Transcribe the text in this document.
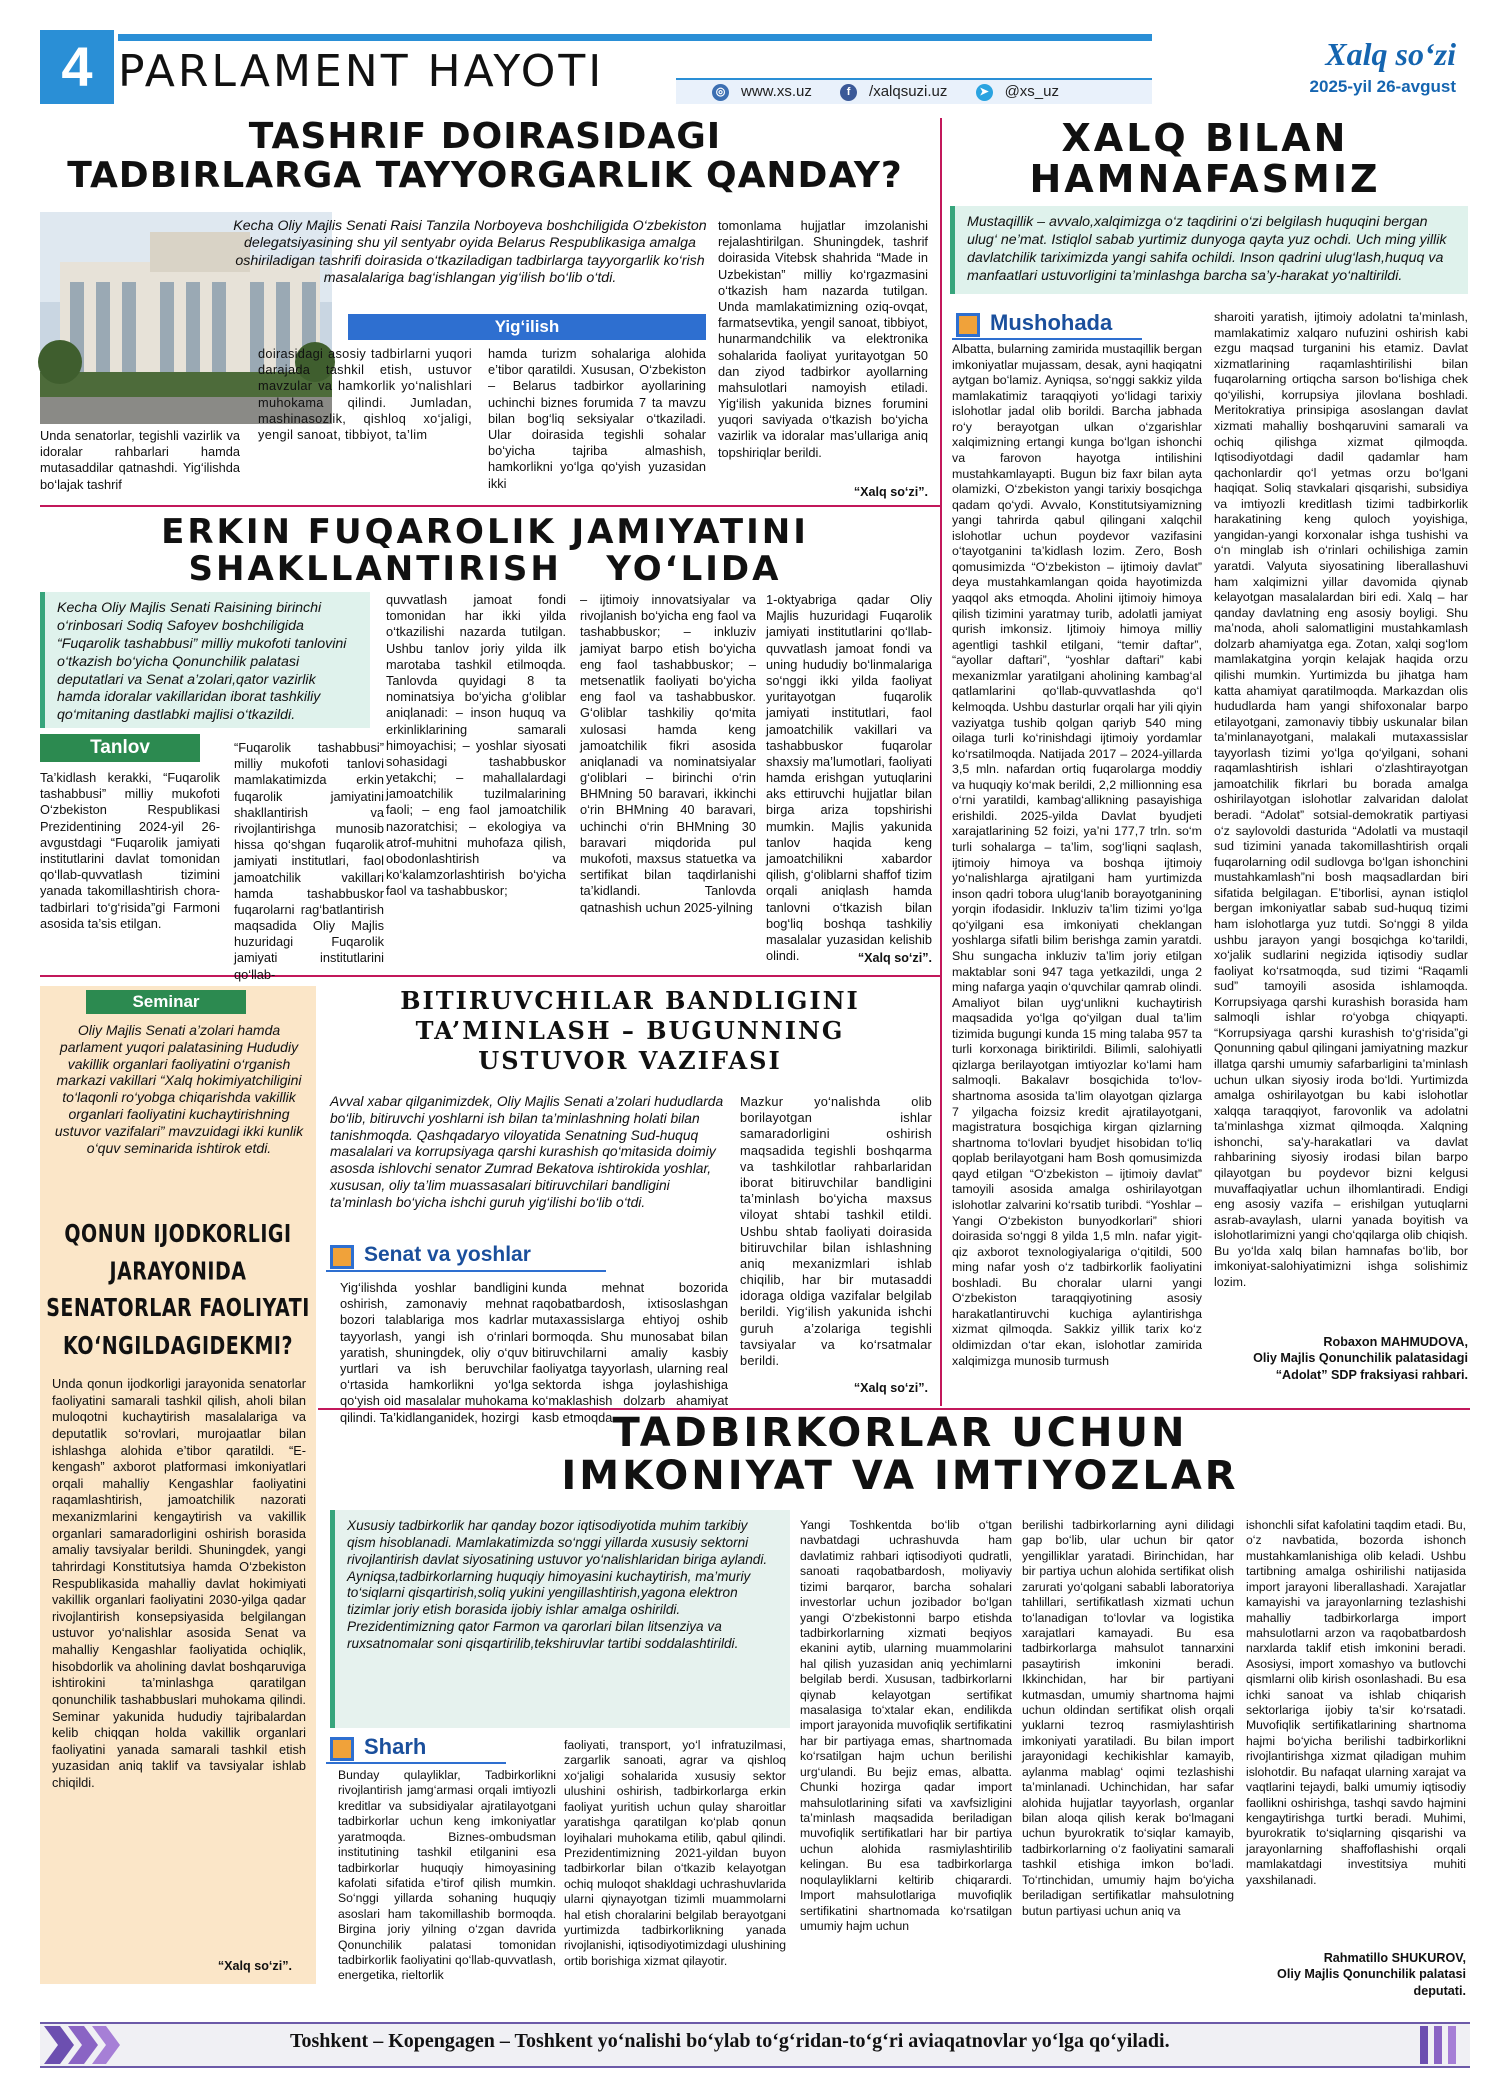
4 PARLAMENT HAYOTI	◎ www.xs.uz	f /xalqsuzi.uz	➤ @xs_uz
Xalq so‘zi
2025-yil 26-avgust
TASHRIF DOIRASIDAGI
TADBIRLARGA TAYYORGARLIK QANDAY?
Kecha Oliy Majlis Senati Raisi Tanzila Norboyeva boshchiligida O‘zbekiston delegatsiyasining shu yil sentyabr oyida Belarus Respublikasiga amalga oshiriladigan tashrifi doirasida o‘tkaziladigan tadbirlarga tayyorgarlik ko‘rish masalalariga bag‘ishlangan yig‘ilish bo‘lib o‘tdi.
Yig‘ilish
Unda senatorlar, tegishli vazirlik va idoralar rahbarlari hamda mutasaddilar qatnashdi. Yig‘ilishda bo‘lajak tashrif
doirasidagi asosiy tadbirlarni yuqori darajada tashkil etish, ustuvor mavzular va hamkorlik yo‘nalishlari muhokama qilindi. Jumladan, mashinasozlik, qishloq xo‘jaligi, yengil sanoat, tibbiyot, ta’lim
hamda turizm sohalariga alohida e’tibor qaratildi. Xususan, O‘zbekiston – Belarus tadbirkor ayollarining uchinchi biznes forumida 7 ta mavzu bilan bog‘liq seksiyalar o‘tkaziladi. Ular doirasida tegishli sohalar bo‘yicha tajriba almashish, hamkorlikni yo‘lga qo‘yish yuzasidan ikki
tomonlama hujjatlar imzolanishi rejalashtirilgan. Shuningdek, tashrif doirasida Vitebsk shahrida “Made in Uzbekistan” milliy ko‘rgazmasini o‘tkazish ham nazarda tutilgan. Unda mamlakatimizning oziq-ovqat, farmatsevtika, yengil sanoat, tibbiyot, hunarmandchilik va elektronika sohalarida faoliyat yuritayotgan 50 dan ziyod tadbirkor ayollarning mahsulotlari namoyish etiladi. Yig‘ilish yakunida biznes forumini yuqori saviyada o‘tkazish bo‘yicha vazirlik va idoralar mas’ullariga aniq topshiriqlar berildi.
“Xalq so‘zi”.
XALQ BILAN
HAMNAFASMIZ
Mustaqillik – avvalo,xalqimizga o‘z taqdirini o‘zi belgilash huquqini bergan ulug‘ ne’mat. Istiqlol sabab yurtimiz dunyoga qayta yuz ochdi. Uch ming yillik davlatchilik tariximizda yangi sahifa ochildi. Inson qadrini ulug‘lash,huquq va manfaatlari ustuvorligini ta’minlashga barcha sa’y-harakat yo‘naltirildi.
Mushohada
Albatta, bularning zamirida mustaqillik bergan imkoniyatlar mujassam, desak, ayni haqiqatni aytgan bo‘lamiz. Ayniqsa, so‘nggi sakkiz yilda mamlakatimiz taraqqiyoti yo‘lidagi tarixiy islohotlar jadal olib borildi. Barcha jabhada ro‘y berayotgan ulkan o‘zgarishlar xalqimizning ertangi kunga bo‘lgan ishonchi va farovon hayotga intilishini mustahkamlayapti. Bugun biz faxr bilan ayta olamizki, O‘zbekiston yangi tarixiy bosqichga qadam qo‘ydi. Avvalo, Konstitutsiyamizning yangi tahrirda qabul qilingani xalqchil islohotlar uchun poydevor vazifasini o‘tayotganini ta’kidlash lozim. Zero, Bosh qomusimizda “O‘zbekiston – ijtimoiy davlat” deya mustahkamlangan qoida hayotimizda yaqqol aks etmoqda. Aholini ijtimoiy himoya qilish tizimini yaratmay turib, adolatli jamiyat qurish imkonsiz. Ijtimoiy himoya milliy agentligi tashkil etilgani, “temir daftar”, “ayollar daftari”, “yoshlar daftari” kabi mexanizmlar yaratilgani aholining kambag‘al qatlamlarini qo‘llab-quvvatlashda qo‘l kelmoqda. Ushbu dasturlar orqali har yili qiyin vaziyatga tushib qolgan qariyb 540 ming oilaga turli ko‘rinishdagi ijtimoiy yordamlar ko‘rsatilmoqda. Natijada 2017 – 2024-yillarda 3,5 mln. nafardan ortiq fuqarolarga moddiy va huquqiy ko‘mak berildi, 2,2 millionning esa o‘rni yaratildi, kambag‘allikning pasayishiga erishildi. 2025-yilda Davlat byudjeti xarajatlarining 52 foizi, ya’ni 177,7 trln. so‘m turli sohalarga – ta’lim, sog‘liqni saqlash, ijtimoiy himoya va boshqa ijtimoiy yo‘nalishlarga ajratilgani ham yurtimizda inson qadri tobora ulug‘lanib borayotganining yorqin ifodasidir. Inkluziv ta’lim tizimi yo‘lga qo‘yilgani esa imkoniyati cheklangan yoshlarga sifatli bilim berishga zamin yaratdi. Shu sungacha inkluziv ta’lim joriy etilgan maktablar soni 947 taga yetkazildi, unga 2 ming nafarga yaqin o‘quvchilar qamrab olindi. Amaliyot bilan uyg‘unlikni kuchaytirish maqsadida yo‘lga qo‘yilgan dual ta’lim tizimida bugungi kunda 15 ming talaba 957 ta turli korxonaga biriktirildi. Bilimli, salohiyatli qizlarga berilayotgan imtiyozlar ko‘lami ham salmoqli. Bakalavr bosqichida to‘lov-shartnoma asosida ta’lim olayotgan qizlarga 7 yilgacha foizsiz kredit ajratilayotgani, magistratura bosqichiga kirgan qizlarning shartnoma to‘lovlari byudjet hisobidan to‘liq qoplab berilayotgani ham Bosh qomusimizda qayd etilgan “O‘zbekiston – ijtimoiy davlat” tamoyili asosida amalga oshirilayotgan islohotlar zalvarini ko‘rsatib turibdi. “Yoshlar – Yangi O‘zbekiston bunyodkorlari” shiori doirasida so‘nggi 8 yilda 1,5 mln. nafar yigit-qiz axborot texnologiyalariga o‘qitildi, 500 ming nafar yosh o‘z tadbirkorlik faoliyatini boshladi. Bu choralar ularni yangi O‘zbekiston taraqqiyotining asosiy harakatlantiruvchi kuchiga aylantirishga xizmat qilmoqda. Sakkiz yillik tarix ko‘z oldimizdan o‘tar ekan, islohotlar zamirida xalqimizga munosib turmush
sharoiti yaratish, ijtimoiy adolatni ta’minlash, mamlakatimiz xalqaro nufuzini oshirish kabi ezgu maqsad turganini his etamiz. Davlat xizmatlarining raqamlashtirilishi bilan fuqarolarning ortiqcha sarson bo‘lishiga chek qo‘yilishi, korrupsiya jilovlana boshladi. Meritokratiya prinsipiga asoslangan davlat xizmati mahalliy boshqaruvini samarali va ochiq qilishga xizmat qilmoqda. Iqtisodiyotdagi dadil qadamlar ham qachonlardir qo‘l yetmas orzu bo‘lgani haqiqat. Soliq stavkalari qisqarishi, subsidiya va imtiyozli kreditlash tizimi tadbirkorlik harakatining keng quloch yoyishiga, yangidan-yangi korxonalar ishga tushishi va o‘n minglab ish o‘rinlari ochilishiga zamin yaratdi. Valyuta siyosatining liberallashuvi ham xalqimizni yillar davomida qiynab kelayotgan masalalardan biri edi. Xalq – har qanday davlatning eng asosiy boyligi. Shu ma’noda, aholi salomatligini mustahkamlash dolzarb ahamiyatga ega. Zotan, xalqi sog‘lom mamlakatgina yorqin kelajak haqida orzu qilishi mumkin. Yurtimizda bu jihatga ham katta ahamiyat qaratilmoqda. Markazdan olis hududlarda ham yangi shifoxonalar barpo etilayotgani, zamonaviy tibbiy uskunalar bilan ta’minlanayotgani, malakali mutaxassislar tayyorlash tizimi yo‘lga qo‘yilgani, sohani raqamlashtirish ishlari o‘zlashtirayotgan jamoatchilik fikrlari bu borada amalga oshirilayotgan islohotlar zalvaridan dalolat beradi. “Adolat” sotsial-demokratik partiyasi o‘z saylovoldi dasturida “Adolatli va mustaqil sud tizimini yanada takomillashtirish orqali fuqarolarning odil sudlovga bo‘lgan ishonchini mustahkamlash”ni bosh maqsadlardan biri sifatida belgilagan. E’tiborlisi, aynan istiqlol bergan imkoniyatlar sabab sud-huquq tizimi ham islohotlarga yuz tutdi. So‘nggi 8 yilda ushbu jarayon yangi bosqichga ko‘tarildi, xo‘jalik sudlarini negizida iqtisodiy sudlar faoliyat ko‘rsatmoqda, sud tizimi “Raqamli sud” tamoyili asosida ishlamoqda. Korrupsiyaga qarshi kurashish borasida ham salmoqli ishlar ro‘yobga chiqyapti. “Korrupsiyaga qarshi kurashish to‘g‘risida”gi Qonunning qabul qilingani jamiyatning mazkur illatga qarshi umumiy safarbarligini ta’minlash uchun ulkan siyosiy iroda bo‘ldi. Yurtimizda amalga oshirilayotgan bu kabi islohotlar xalqqa taraqqiyot, farovonlik va adolatni ta’minlashga xizmat qilmoqda. Xalqning ishonchi, sa’y-harakatlari va davlat rahbarining siyosiy irodasi bilan barpo qilayotgan bu poydevor bizni kelgusi muvaffaqiyatlar uchun ilhomlantiradi. Endigi eng asosiy vazifa – erishilgan yutuqlarni asrab-avaylash, ularni yanada boyitish va islohotlarimizni yangi cho‘qqilarga olib chiqish. Bu yo‘lda xalq bilan hamnafas bo‘lib, bor imkoniyat-salohiyatimizni ishga solishimiz lozim.
Robaxon MAHMUDOVA,
Oliy Majlis Qonunchilik palatasidagi
“Adolat” SDP fraksiyasi rahbari.
ERKIN FUQAROLIK JAMIYATINI
SHAKLLANTIRISH   YO‘LIDA
Kecha Oliy Majlis Senati Raisining birinchi o‘rinbosari Sodiq Safoyev boshchiligida “Fuqarolik tashabbusi” milliy mukofoti tanlovini o‘tkazish bo‘yicha Qonunchilik palatasi deputatlari va Senat a’zolari,qator vazirlik hamda idoralar vakillaridan iborat tashkiliy qo‘mitaning dastlabki majlisi o‘tkazildi.
Tanlov
Ta’kidlash kerakki, “Fuqarolik tashabbusi” milliy mukofoti O‘zbekiston Respublikasi Prezidentining 2024-yil 26-avgustdagi “Fuqarolik jamiyati institutlarini davlat tomonidan qo‘llab-quvvatlash tizimini yanada takomillashtirish chora-tadbirlari to‘g‘risida”gi Farmoni asosida ta’sis etilgan.
“Fuqarolik tashabbusi” milliy mukofoti tanlovi mamlakatimizda erkin fuqarolik jamiyatini shakllantirish va rivojlantirishga munosib hissa qo‘shgan fuqarolik jamiyati institutlari, faol jamoatchilik vakillari hamda tashabbuskor fuqarolarni rag‘batlantirish maqsadida Oliy Majlis huzuridagi Fuqarolik jamiyati institutlarini qo‘llab-
quvvatlash jamoat fondi tomonidan har ikki yilda o‘tkazilishi nazarda tutilgan. Ushbu tanlov joriy yilda ilk marotaba tashkil etilmoqda. Tanlovda quyidagi 8 ta nominatsiya bo‘yicha g‘oliblar aniqlanadi: – inson huquq va erkinliklarining samarali himoyachisi; – yoshlar siyosati sohasidagi tashabbuskor yetakchi; – mahallalardagi jamoatchilik tuzilmalarining faoli; – eng faol jamoatchilik nazoratchisi; – ekologiya va atrof-muhitni muhofaza qilish, obodonlashtirish va ko‘kalamzorlashtirish bo‘yicha faol va tashabbuskor;
– ijtimoiy innovatsiyalar va rivojlanish bo‘yicha eng faol va tashabbuskor; – inkluziv jamiyat barpo etish bo‘yicha eng faol tashabbuskor; – metsenatlik faoliyati bo‘yicha eng faol va tashabbuskor. G‘oliblar tashkiliy qo‘mita xulosasi hamda keng jamoatchilik fikri asosida aniqlanadi va nominatsiyalar g‘oliblari – birinchi o‘rin BHMning 50 baravari, ikkinchi o‘rin BHMning 40 baravari, uchinchi o‘rin BHMning 30 baravari miqdorida pul mukofoti, maxsus statuetka va sertifikat bilan taqdirlanishi ta’kidlandi. Tanlovda qatnashish uchun 2025-yilning
1-oktyabriga qadar Oliy Majlis huzuridagi Fuqarolik jamiyati institutlarini qo‘llab-quvvatlash jamoat fondi va uning hududiy bo‘linmalariga so‘nggi ikki yilda faoliyat yuritayotgan fuqarolik jamiyati institutlari, faol jamoatchilik vakillari va tashabbuskor fuqarolar shaxsiy ma’lumotlari, faoliyati hamda erishgan yutuqlarini aks ettiruvchi hujjatlar bilan birga ariza topshirishi mumkin. Majlis yakunida tanlov haqida keng jamoatchilikni xabardor qilish, g‘oliblarni shaffof tizim orqali aniqlash hamda tanlovni o‘tkazish bilan bog‘liq boshqa tashkiliy masalalar yuzasidan kelishib olindi.	“Xalq so‘zi”.
Seminar
Oliy Majlis Senati a’zolari hamda parlament yuqori palatasining Hududiy vakillik organlari faoliyatini o‘rganish markazi vakillari “Xalq hokimiyatchiligini to‘laqonli ro‘yobga chiqarishda vakillik organlari faoliyatini kuchaytirishning ustuvor vazifalari” mavzuidagi ikki kunlik o‘quv seminarida ishtirok etdi.
QONUN IJODKORLIGI JARAYONIDA SENATORLAR FAOLIYATI KO‘NGILDAGIDEKMI?
Unda qonun ijodkorligi jarayonida senatorlar faoliyatini samarali tashkil qilish, aholi bilan muloqotni kuchaytirish masalalariga va deputatlik so‘rovlari, murojaatlar bilan ishlashga alohida e’tibor qaratildi. “E-kengash” axborot platformasi imkoniyatlari orqali mahalliy Kengashlar faoliyatini raqamlashtirish, jamoatchilik nazorati mexanizmlarini kengaytirish va vakillik organlari samaradorligini oshirish borasida amaliy tavsiyalar berildi. Shuningdek, yangi tahrirdagi Konstitutsiya hamda O‘zbekiston Respublikasida mahalliy davlat hokimiyati vakillik organlari faoliyatini 2030-yilga qadar rivojlantirish konsepsiyasida belgilangan ustuvor yo‘nalishlar asosida Senat va mahalliy Kengashlar faoliyatida ochiqlik, hisobdorlik va aholining davlat boshqaruviga ishtirokini ta’minlashga qaratilgan qonunchilik tashabbuslari muhokama qilindi. Seminar yakunida hududiy tajribalardan kelib chiqqan holda vakillik organlari faoliyatini yanada samarali tashkil etish yuzasidan aniq taklif va tavsiyalar ishlab chiqildi.
“Xalq so‘zi”.
BITIRUVCHILAR BANDLIGINI
TA’MINLASH – BUGUNNING
USTUVOR VAZIFASI
Avval xabar qilganimizdek, Oliy Majlis Senati a’zolari hududlarda bo‘lib, bitiruvchi yoshlarni ish bilan ta’minlashning holati bilan tanishmoqda. Qashqadaryo viloyatida Senatning Sud-huquq masalalari va korrupsiyaga qarshi kurashish qo‘mitasida doimiy asosda ishlovchi senator Zumrad Bekatova ishtirokida yoshlar, xususan, oliy ta’lim muassasalari bitiruvchilari bandligini ta’minlash bo‘yicha ishchi guruh yig‘ilishi bo‘lib o‘tdi.
Senat va yoshlar
Yig‘ilishda yoshlar bandligini oshirish, zamonaviy mehnat bozori talablariga mos kadrlar tayyorlash, yangi ish o‘rinlari yaratish, shuningdek, oliy o‘quv yurtlari va ish beruvchilar o‘rtasida hamkorlikni yo‘lga qo‘yish oid masalalar muhokama qilindi. Ta’kidlanganidek, hozirgi
kunda mehnat bozorida raqobatbardosh, ixtisoslashgan mutaxassislarga ehtiyoj oshib bormoqda. Shu munosabat bilan bitiruvchilarni amaliy kasbiy faoliyatga tayyorlash, ularning real sektorda ishga joylashishiga ko‘maklashish dolzarb ahamiyat kasb etmoqda.
Mazkur yo‘nalishda olib borilayotgan ishlar samaradorligini oshirish maqsadida tegishli boshqarma va tashkilotlar rahbarlaridan iborat bitiruvchilar bandligini ta’minlash bo‘yicha maxsus viloyat shtabi tashkil etildi. Ushbu shtab faoliyati doirasida bitiruvchilar bilan ishlashning aniq mexanizmlari ishlab chiqilib, har bir mutasaddi idoraga oldiga vazifalar belgilab berildi. Yig‘ilish yakunida ishchi guruh a’zolariga tegishli tavsiyalar va ko‘rsatmalar berildi.
“Xalq so‘zi”.
TADBIRKORLAR UCHUN
IMKONIYAT VA IMTIYOZLAR
Xususiy tadbirkorlik har qanday bozor iqtisodiyotida muhim tarkibiy qism hisoblanadi. Mamlakatimizda so‘nggi yillarda xususiy sektorni rivojlantirish davlat siyosatining ustuvor yo‘nalishlaridan biriga aylandi. Ayniqsa,tadbirkorlarning huquqiy himoyasini kuchaytirish, ma’muriy to‘siqlarni qisqartirish,soliq yukini yengillashtirish,yagona elektron tizimlar joriy etish borasida ijobiy ishlar amalga oshirildi. Prezidentimizning qator Farmon va qarorlari bilan litsenziya va ruxsatnomalar soni qisqartirilib,tekshiruvlar tartibi soddalashtirildi.
Sharh
Bunday qulayliklar, Tadbirkorlikni rivojlantirish jamg‘armasi orqali imtiyozli kreditlar va subsidiyalar ajratilayotgani tadbirkorlar uchun keng imkoniyatlar yaratmoqda. Biznes-ombudsman institutining tashkil etilganini esa tadbirkorlar huquqiy himoyasining kafolati sifatida e’tirof qilish mumkin. So‘nggi yillarda sohaning huquqiy asoslari ham takomillashib bormoqda. Birgina joriy yilning o‘zgan davrida Qonunchilik palatasi tomonidan tadbirkorlik faoliyatini qo‘llab-quvvatlash, energetika, rieltorlik
faoliyati, transport, yo‘l infratuzilmasi, zargarlik sanoati, agrar va qishloq xo‘jaligi sohalarida xususiy sektor ulushini oshirish, tadbirkorlarga erkin faoliyat yuritish uchun qulay sharoitlar yaratishga qaratilgan ko‘plab qonun loyihalari muhokama etilib, qabul qilindi. Prezidentimizning 2021-yildan buyon tadbirkorlar bilan o‘tkazib kelayotgan ochiq muloqot shakldagi uchrashuvlarida ularni qiynayotgan tizimli muammolarni hal etish choralarini belgilab berayotgani yurtimizda tadbirkorlikning yanada rivojlanishi, iqtisodiyotimizdagi ulushining ortib borishiga xizmat qilayotir.
Yangi Toshkentda bo‘lib o‘tgan navbatdagi uchrashuvda ham davlatimiz rahbari iqtisodiyoti qudratli, sanoati raqobatbardosh, moliyaviy tizimi barqaror, barcha sohalari investorlar uchun jozibador bo‘lgan yangi O‘zbekistonni barpo etishda tadbirkorlarning xizmati beqiyos ekanini aytib, ularning muammolarini hal qilish yuzasidan aniq yechimlarni belgilab berdi. Xususan, tadbirkorlarni qiynab kelayotgan sertifikat masalasiga to‘xtalar ekan, endilikda import jarayonida muvofiqlik sertifikatini har bir partiyaga emas, shartnomada ko‘rsatilgan hajm uchun berilishi urg‘ulandi. Bu bejiz emas, albatta. Chunki hozirga qadar import mahsulotlarining sifati va xavfsizligini ta’minlash maqsadida beriladigan muvofiqlik sertifikatlari har bir partiya uchun alohida rasmiylashtirilib kelingan. Bu esa tadbirkorlarga noqulayliklarni keltirib chiqarardi. Import mahsulotlariga muvofiqlik sertifikatini shartnomada ko‘rsatilgan umumiy hajm uchun
berilishi tadbirkorlarning ayni dilidagi gap bo‘lib, ular uchun bir qator yengilliklar yaratadi. Birinchidan, har bir partiya uchun alohida sertifikat olish zarurati yo‘qolgani sababli laboratoriya tahlillari, sertifikatlash xizmati uchun to‘lanadigan to‘lovlar va logistika xarajatlari kamayadi. Bu esa tadbirkorlarga mahsulot tannarxini pasaytirish imkonini beradi. Ikkinchidan, har bir partiyani kutmasdan, umumiy shartnoma hajmi uchun oldindan sertifikat olish orqali yuklarni tezroq rasmiylashtirish imkoniyati yaratiladi. Bu bilan import jarayonidagi kechikishlar kamayib, aylanma mablag‘ oqimi tezlashishi ta’minlanadi. Uchinchidan, har safar alohida hujjatlar tayyorlash, organlar bilan aloqa qilish kerak bo‘lmagani uchun byurokratik to‘siqlar kamayib, tadbirkorlarning o‘z faoliyatini samarali tashkil etishiga imkon bo‘ladi. To‘rtinchidan, umumiy hajm bo‘yicha beriladigan sertifikatlar mahsulotning butun partiyasi uchun aniq va
ishonchli sifat kafolatini taqdim etadi. Bu, o‘z navbatida, bozorda ishonch mustahkamlanishiga olib keladi. Ushbu tartibning amalga oshirilishi natijasida import jarayoni liberallashadi. Xarajatlar kamayishi va jarayonlarning tezlashishi mahalliy tadbirkorlarga import mahsulotlarni arzon va raqobatbardosh narxlarda taklif etish imkonini beradi. Asosiysi, import xomashyo va butlovchi qismlarni olib kirish osonlashadi. Bu esa ichki sanoat va ishlab chiqarish sektorlariga ijobiy ta’sir ko‘rsatadi. Muvofiqlik sertifikatlarining shartnoma hajmi bo‘yicha berilishi tadbirkorlikni rivojlantirishga xizmat qiladigan muhim islohotdir. Bu nafaqat ularning xarajat va vaqtlarini tejaydi, balki umumiy iqtisodiy faollikni oshirishga, tashqi savdo hajmini kengaytirishga turtki beradi. Muhimi, byurokratik to‘siqlarning qisqarishi va jarayonlarning shaffoflashishi orqali mamlakatdagi investitsiya muhiti yaxshilanadi.
Rahmatillo SHUKUROV,
Oliy Majlis Qonunchilik palatasi
deputati.
Toshkent – Kopengagen – Toshkent yo‘nalishi bo‘ylab to‘g‘ridan-to‘g‘ri aviaqatnovlar yo‘lga qo‘yiladi.
